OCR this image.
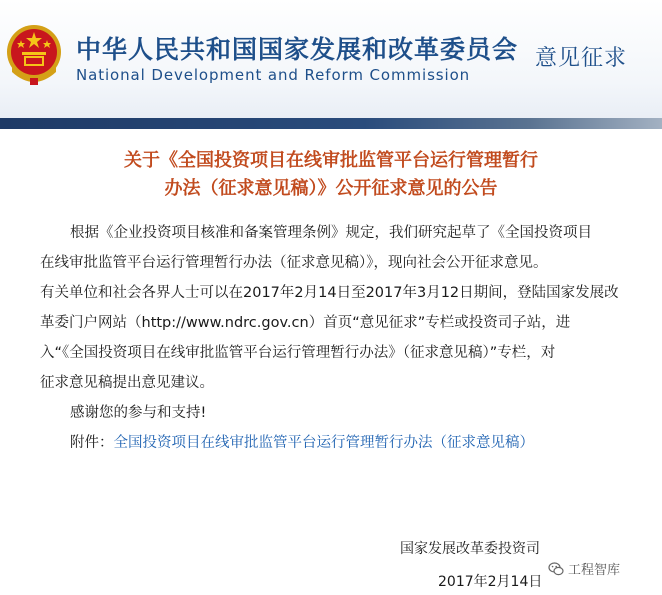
中华人民共和国国家发展和改革委员会
National Development and Reform Commission
意见征求
关于《全国投资项目在线审批监管平台运行管理暂行
办法（征求意见稿）》公开征求意见的公告

根据《企业投资项目核准和备案管理条例》规定，我们研究起草了《全国投资项目

在线审批监管平台运行管理暂行办法（征求意见稿）》，现向社会公开征求意见。

有关单位和社会各界人士可以在2017年2月14日至2017年3月12日期间，登陆国家发展改

革委门户网站（http://www.ndrc.gov.cn）首页“意见征求”专栏或投资司子站，进

入“《全国投资项目在线审批监管平台运行管理暂行办法》（征求意见稿）”专栏，对

征求意见稿提出意见建议。

感谢您的参与和支持!

附件：全国投资项目在线审批监管平台运行管理暂行办法（征求意见稿）

国家发展改革委投资司
2017年2月14日
工程智库
